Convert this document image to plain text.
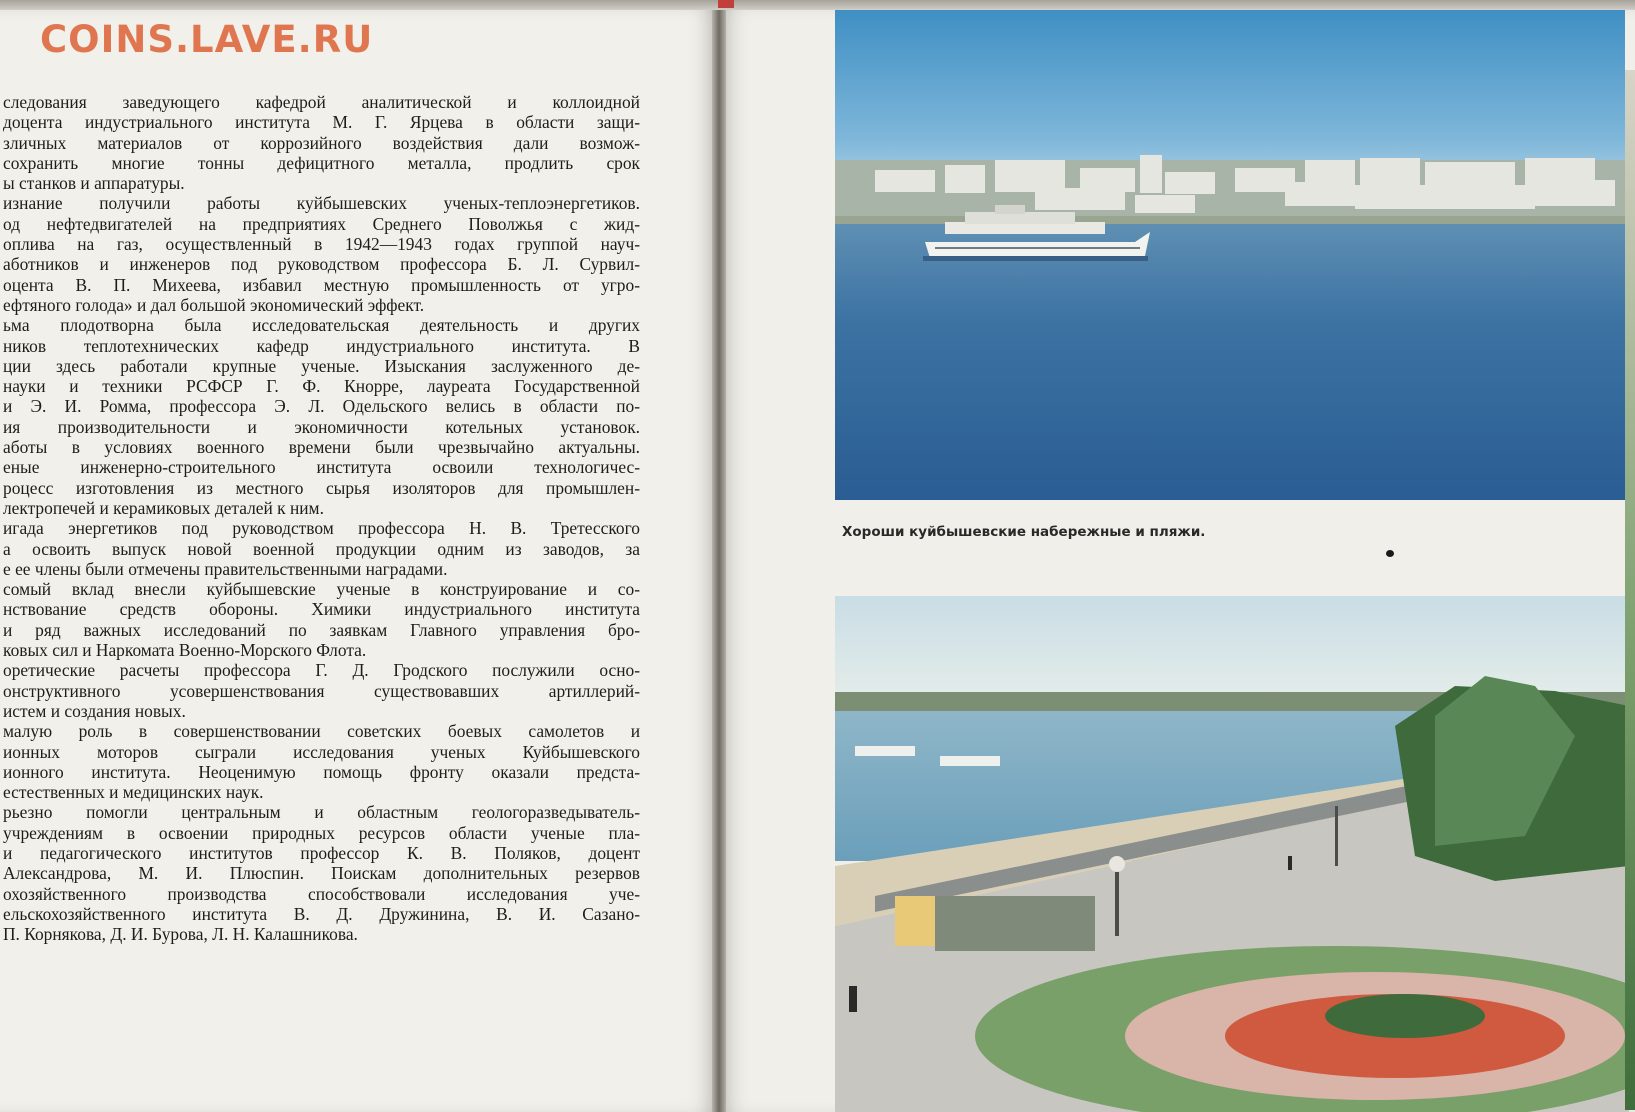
COINS.LAVE.RU
следования заведующего кафедрой аналитической и коллоидной
доцента индустриального института М. Г. Ярцева в области защи-
зличных материалов от коррозийного воздействия дали возмож-
сохранить многие тонны дефицитного металла, продлить срок
ы станков и аппаратуры.
изнание получили работы куйбышевских ученых-теплоэнергетиков.
од нефтедвигателей на предприятиях Среднего Поволжья с жид-
оплива на газ, осуществленный в 1942—1943 годах группой науч-
аботников и инженеров под руководством профессора Б. Л. Сурвил-
оцента В. П. Михеева, избавил местную промышленность от угро-
ефтяного голода» и дал большой экономический эффект.
ьма плодотворна была исследовательская деятельность и других
ников теплотехнических кафедр индустриального института. В
ции здесь работали крупные ученые. Изыскания заслуженного де-
науки и техники РСФСР Г. Ф. Кнорре, лауреата Государственной
и Э. И. Ромма, профессора Э. Л. Одельского велись в области по-
ия производительности и экономичности котельных установок.
аботы в условиях военного времени были чрезвычайно актуальны.
еные инженерно-строительного института освоили технологичес-
роцесс изготовления из местного сырья изоляторов для промышлен-
лектропечей и керамиковых деталей к ним.
игада энергетиков под руководством профессора Н. В. Третесского
а освоить выпуск новой военной продукции одним из заводов, за
е ее члены были отмечены правительственными наградами.
сомый вклад внесли куйбышевские ученые в конструирование и со-
нствование средств обороны. Химики индустриального института
и ряд важных исследований по заявкам Главного управления бро-
ковых сил и Наркомата Военно-Морского Флота.
оретические расчеты профессора Г. Д. Гродского послужили осно-
онструктивного усовершенствования существовавших артиллерий-
истем и создания новых.
малую роль в совершенствовании советских боевых самолетов и
ионных моторов сыграли исследования ученых Куйбышевского
ионного института. Неоценимую помощь фронту оказали предста-
естественных и медицинских наук.
рьезно помогли центральным и областным геологоразведыватель-
учреждениям в освоении природных ресурсов области ученые пла-
и педагогического институтов профессор К. В. Поляков, доцент
Александрова, М. И. Плюспин. Поискам дополнительных резервов
охозяйственного производства способствовали исследования уче-
ельскохозяйственного института В. Д. Дружинина, В. И. Сазано-
П. Корнякова, Д. И. Бурова, Л. Н. Калашникова.
Хороши куйбышевские набережные и пляжи.
